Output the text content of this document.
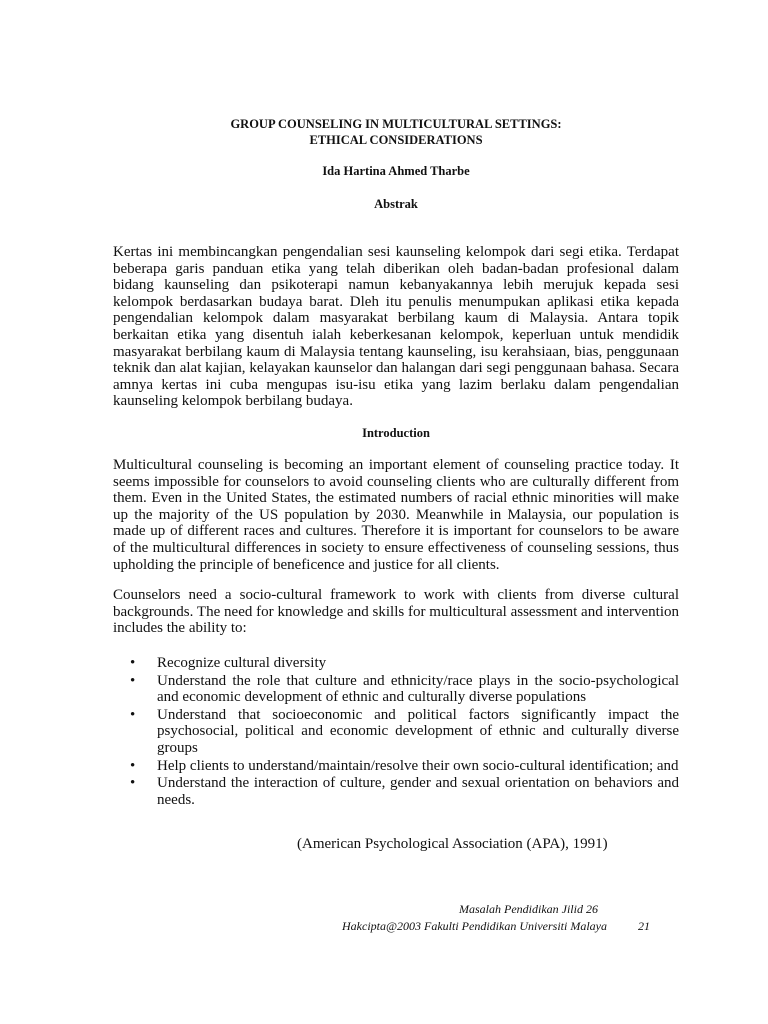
GROUP COUNSELING IN MULTICULTURAL SETTINGS:
ETHICAL CONSIDERATIONS
Ida Hartina Ahmed Tharbe
Abstrak
Kertas ini membincangkan pengendalian sesi kaunseling kelompok dari segi etika. Terdapat beberapa garis panduan etika yang telah diberikan oleh badan-badan profesional dalam bidang kaunseling dan psikoterapi namun kebanyakannya lebih merujuk kepada sesi kelompok berdasarkan budaya barat. Dleh itu penulis menumpukan aplikasi etika kepada pengendalian kelompok dalam masyarakat berbilang kaum di Malaysia. Antara topik berkaitan etika yang disentuh ialah keberkesanan kelompok, keperluan untuk mendidik masyarakat berbilang kaum di Malaysia tentang kaunseling, isu kerahsiaan, bias, penggunaan teknik dan alat kajian, kelayakan kaunselor dan halangan dari segi penggunaan bahasa. Secara amnya kertas ini cuba mengupas isu-isu etika yang lazim berlaku dalam pengendalian kaunseling kelompok berbilang budaya.
Introduction
Multicultural counseling is becoming an important element of counseling practice today. It seems impossible for counselors to avoid counseling clients who are culturally different from them. Even in the United States, the estimated numbers of racial ethnic minorities will make up the majority of the US population by 2030. Meanwhile in Malaysia, our population is made up of different races and cultures. Therefore it is important for counselors to be aware of the multicultural differences in society to ensure effectiveness of counseling sessions, thus upholding the principle of beneficence and justice for all clients.
Counselors need a socio-cultural framework to work with clients from diverse cultural backgrounds. The need for knowledge and skills for multicultural assessment and intervention includes the ability to:
• Recognize cultural diversity
• Understand the role that culture and ethnicity/race plays in the socio-psychological and economic development of ethnic and culturally diverse populations
• Understand that socioeconomic and political factors significantly impact the psychosocial, political and economic development of ethnic and culturally diverse groups
• Help clients to understand/maintain/resolve their own socio-cultural identification; and
• Understand the interaction of culture, gender and sexual orientation on behaviors and needs.
(American Psychological Association (APA), 1991)
Masalah Pendidikan Jilid 26
Hakcipta@2003 Fakulti Pendidikan Universiti Malaya	21
